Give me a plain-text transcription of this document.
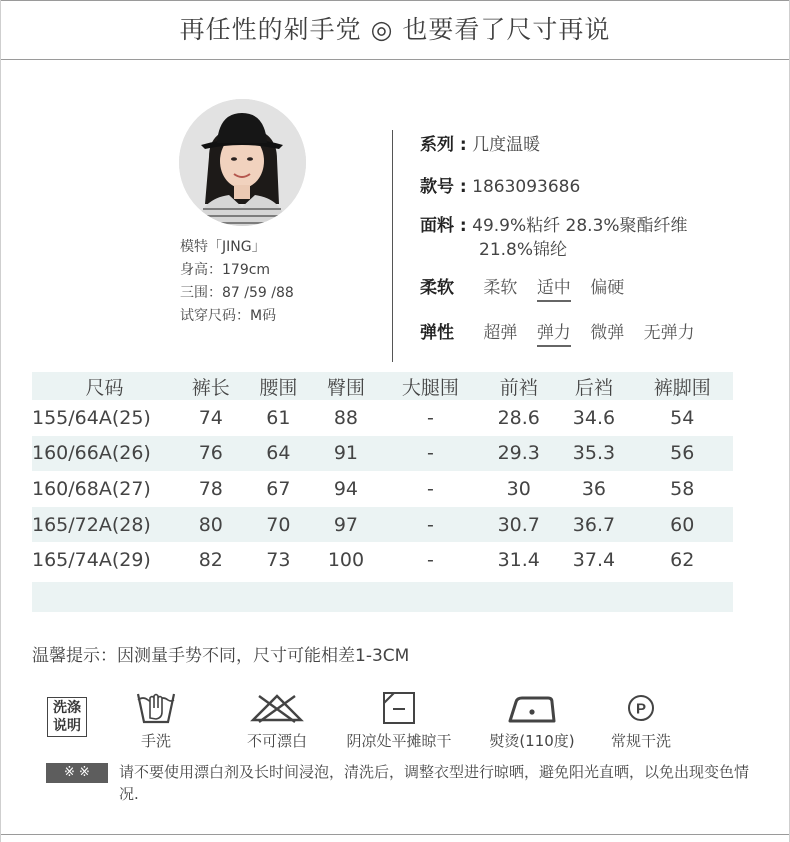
再任性的剁手党 ◎ 也要看了尺寸再说
模特「JING」
身高：179cm
三围：87 /59 /88
试穿尺码：M码
系列 : 几度温暖
款号 : 1863093686
面料 : 49.9%粘纤 28.3%聚酯纤维
21.8%锦纶
柔软 柔软 适中 偏硬
弹性 超弹 弹力 微弹 无弹力
尺码	裤长	腰围	臀围	大腿围	前裆	后裆	裤脚围
155/64A(25)	74	61	88	-	28.6	34.6	54
160/66A(26)	76	64	91	-	29.3	35.3	56
160/68A(27)	78	67	94	-	30	36	58
165/72A(28)	80	70	97	-	30.7	36.7	60
165/74A(29)	82	73	100	-	31.4	37.4	62
温馨提示：因测量手势不同，尺寸可能相差1-3CM
洗涤
说明
手洗	不可漂白	阴凉处平摊晾干	熨烫(110度)
P
常规干洗
※ ※	请不要使用漂白剂及长时间浸泡，清洗后，调整衣型进行晾晒，避免阳光直晒，以免出现变色情况.
